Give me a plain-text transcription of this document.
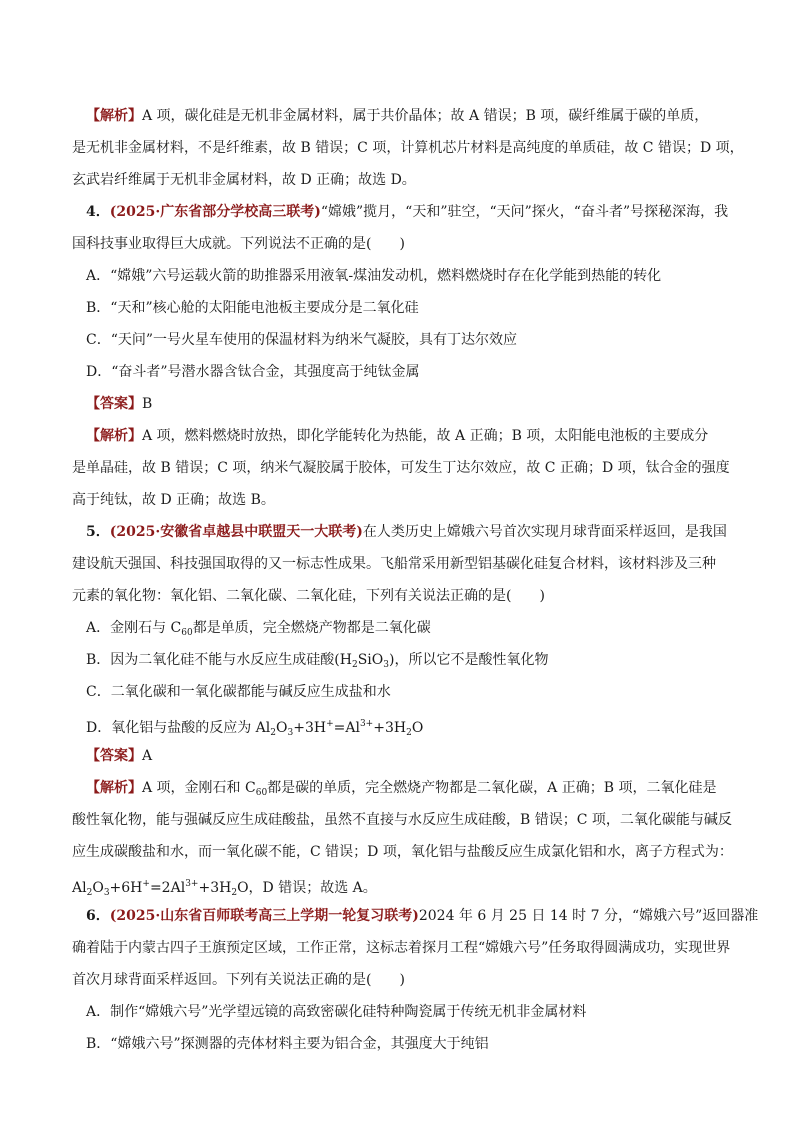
【解析】A 项，碳化硅是无机非金属材料，属于共价晶体；故 A 错误；B 项，碳纤维属于碳的单质，
是无机非金属材料，不是纤维素，故 B 错误；C 项，计算机芯片材料是高纯度的单质硅，故 C 错误；D 项，
玄武岩纤维属于无机非金属材料，故 D 正确；故选 D。
4．(2025·广东省部分学校高三联考)“嫦娥”揽月，“天和”驻空，“天问”探火，“奋斗者”号探秘深海，我
国科技事业取得巨大成就。下列说法不正确的是(　　)
A．“嫦娥”六号运载火箭的助推器采用液氧-煤油发动机，燃料燃烧时存在化学能到热能的转化
B．“天和”核心舱的太阳能电池板主要成分是二氧化硅
C．“天问”一号火星车使用的保温材料为纳米气凝胶，具有丁达尔效应
D．“奋斗者”号潜水器含钛合金，其强度高于纯钛金属
【答案】B
【解析】A 项，燃料燃烧时放热，即化学能转化为热能，故 A 正确；B 项，太阳能电池板的主要成分
是单晶硅，故 B 错误；C 项，纳米气凝胶属于胶体，可发生丁达尔效应，故 C 正确；D 项，钛合金的强度
高于纯钛，故 D 正确；故选 B。
5．(2025·安徽省卓越县中联盟天一大联考)在人类历史上嫦娥六号首次实现月球背面采样返回，是我国
建设航天强国、科技强国取得的又一标志性成果。飞船常采用新型铝基碳化硅复合材料，该材料涉及三种
元素的氧化物：氧化铝、二氧化碳、二氧化硅，下列有关说法正确的是(　　)
A．金刚石与 $C_{60}$都是单质，完全燃烧产物都是二氧化碳
B．因为二氧化硅不能与水反应生成硅酸$(H_2SiO_3)$，所以它不是酸性氧化物
C．二氧化碳和一氧化碳都能与碱反应生成盐和水
D．氧化铝与盐酸的反应为 $Al_2O_3+3H^+=Al^{3+}+3H_2O$
【答案】A
【解析】A 项，金刚石和 $C_{60}$都是碳的单质，完全燃烧产物都是二氧化碳，A 正确；B 项，二氧化硅是
酸性氧化物，能与强碱反应生成硅酸盐，虽然不直接与水反应生成硅酸，B 错误；C 项，二氧化碳能与碱反
应生成碳酸盐和水，而一氧化碳不能，C 错误；D 项，氧化铝与盐酸反应生成氯化铝和水，离子方程式为：
$Al_2O_3+6H^+=2Al^{3+}+3H_2O$，D 错误；故选 A。
6．(2025·山东省百师联考高三上学期一轮复习联考)2024 年 6 月 25 日 14 时 7 分，“嫦娥六号”返回器准
确着陆于内蒙古四子王旗预定区域，工作正常，这标志着探月工程“嫦娥六号”任务取得圆满成功，实现世界
首次月球背面采样返回。下列有关说法正确的是(　　)
A．制作“嫦娥六号”光学望远镜的高致密碳化硅特种陶瓷属于传统无机非金属材料
B．“嫦娥六号”探测器的壳体材料主要为铝合金，其强度大于纯铝
